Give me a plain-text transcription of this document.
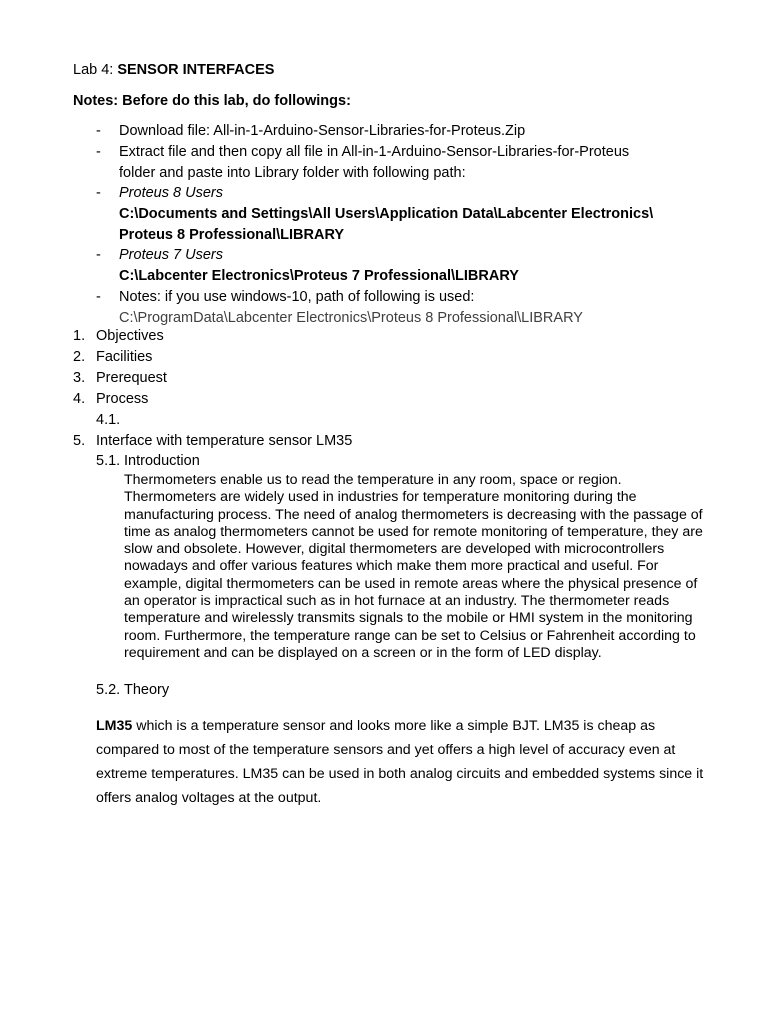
Lab 4: SENSOR INTERFACES
Notes: Before do this lab, do followings:
- Download file: All-in-1-Arduino-Sensor-Libraries-for-Proteus.Zip
- Extract file and then copy all file in All-in-1-Arduino-Sensor-Libraries-for-Proteus
folder and paste into Library folder with following path:
- Proteus 8 Users
C:\Documents and Settings\All Users\Application Data\Labcenter Electronics\
Proteus 8 Professional\LIBRARY
- Proteus 7 Users
C:\Labcenter Electronics\Proteus 7 Professional\LIBRARY
- Notes: if you use windows-10, path of following is used:
C:\ProgramData\Labcenter Electronics\Proteus 8 Professional\LIBRARY
1. Objectives
2. Facilities
3. Prerequest
4. Process
4.1.
5. Interface with temperature sensor LM35
5.1. Introduction
Thermometers enable us to read the temperature in any room, space or region. Thermometers are widely used in industries for temperature monitoring during the manufacturing process. The need of analog thermometers is decreasing with the passage of time as analog thermometers cannot be used for remote monitoring of temperature, they are slow and obsolete. However, digital thermometers are developed with microcontrollers nowadays and offer various features which make them more practical and useful. For example, digital thermometers can be used in remote areas where the physical presence of an operator is impractical such as in hot furnace at an industry. The thermometer reads temperature and wirelessly transmits signals to the mobile or HMI system in the monitoring room. Furthermore, the temperature range can be set to Celsius or Fahrenheit according to requirement and can be displayed on a screen or in the form of LED display.
5.2. Theory
LM35 which is a temperature sensor and looks more like a simple BJT. LM35 is cheap as compared to most of the temperature sensors and yet offers a high level of accuracy even at extreme temperatures. LM35 can be used in both analog circuits and embedded systems since it offers analog voltages at the output.
